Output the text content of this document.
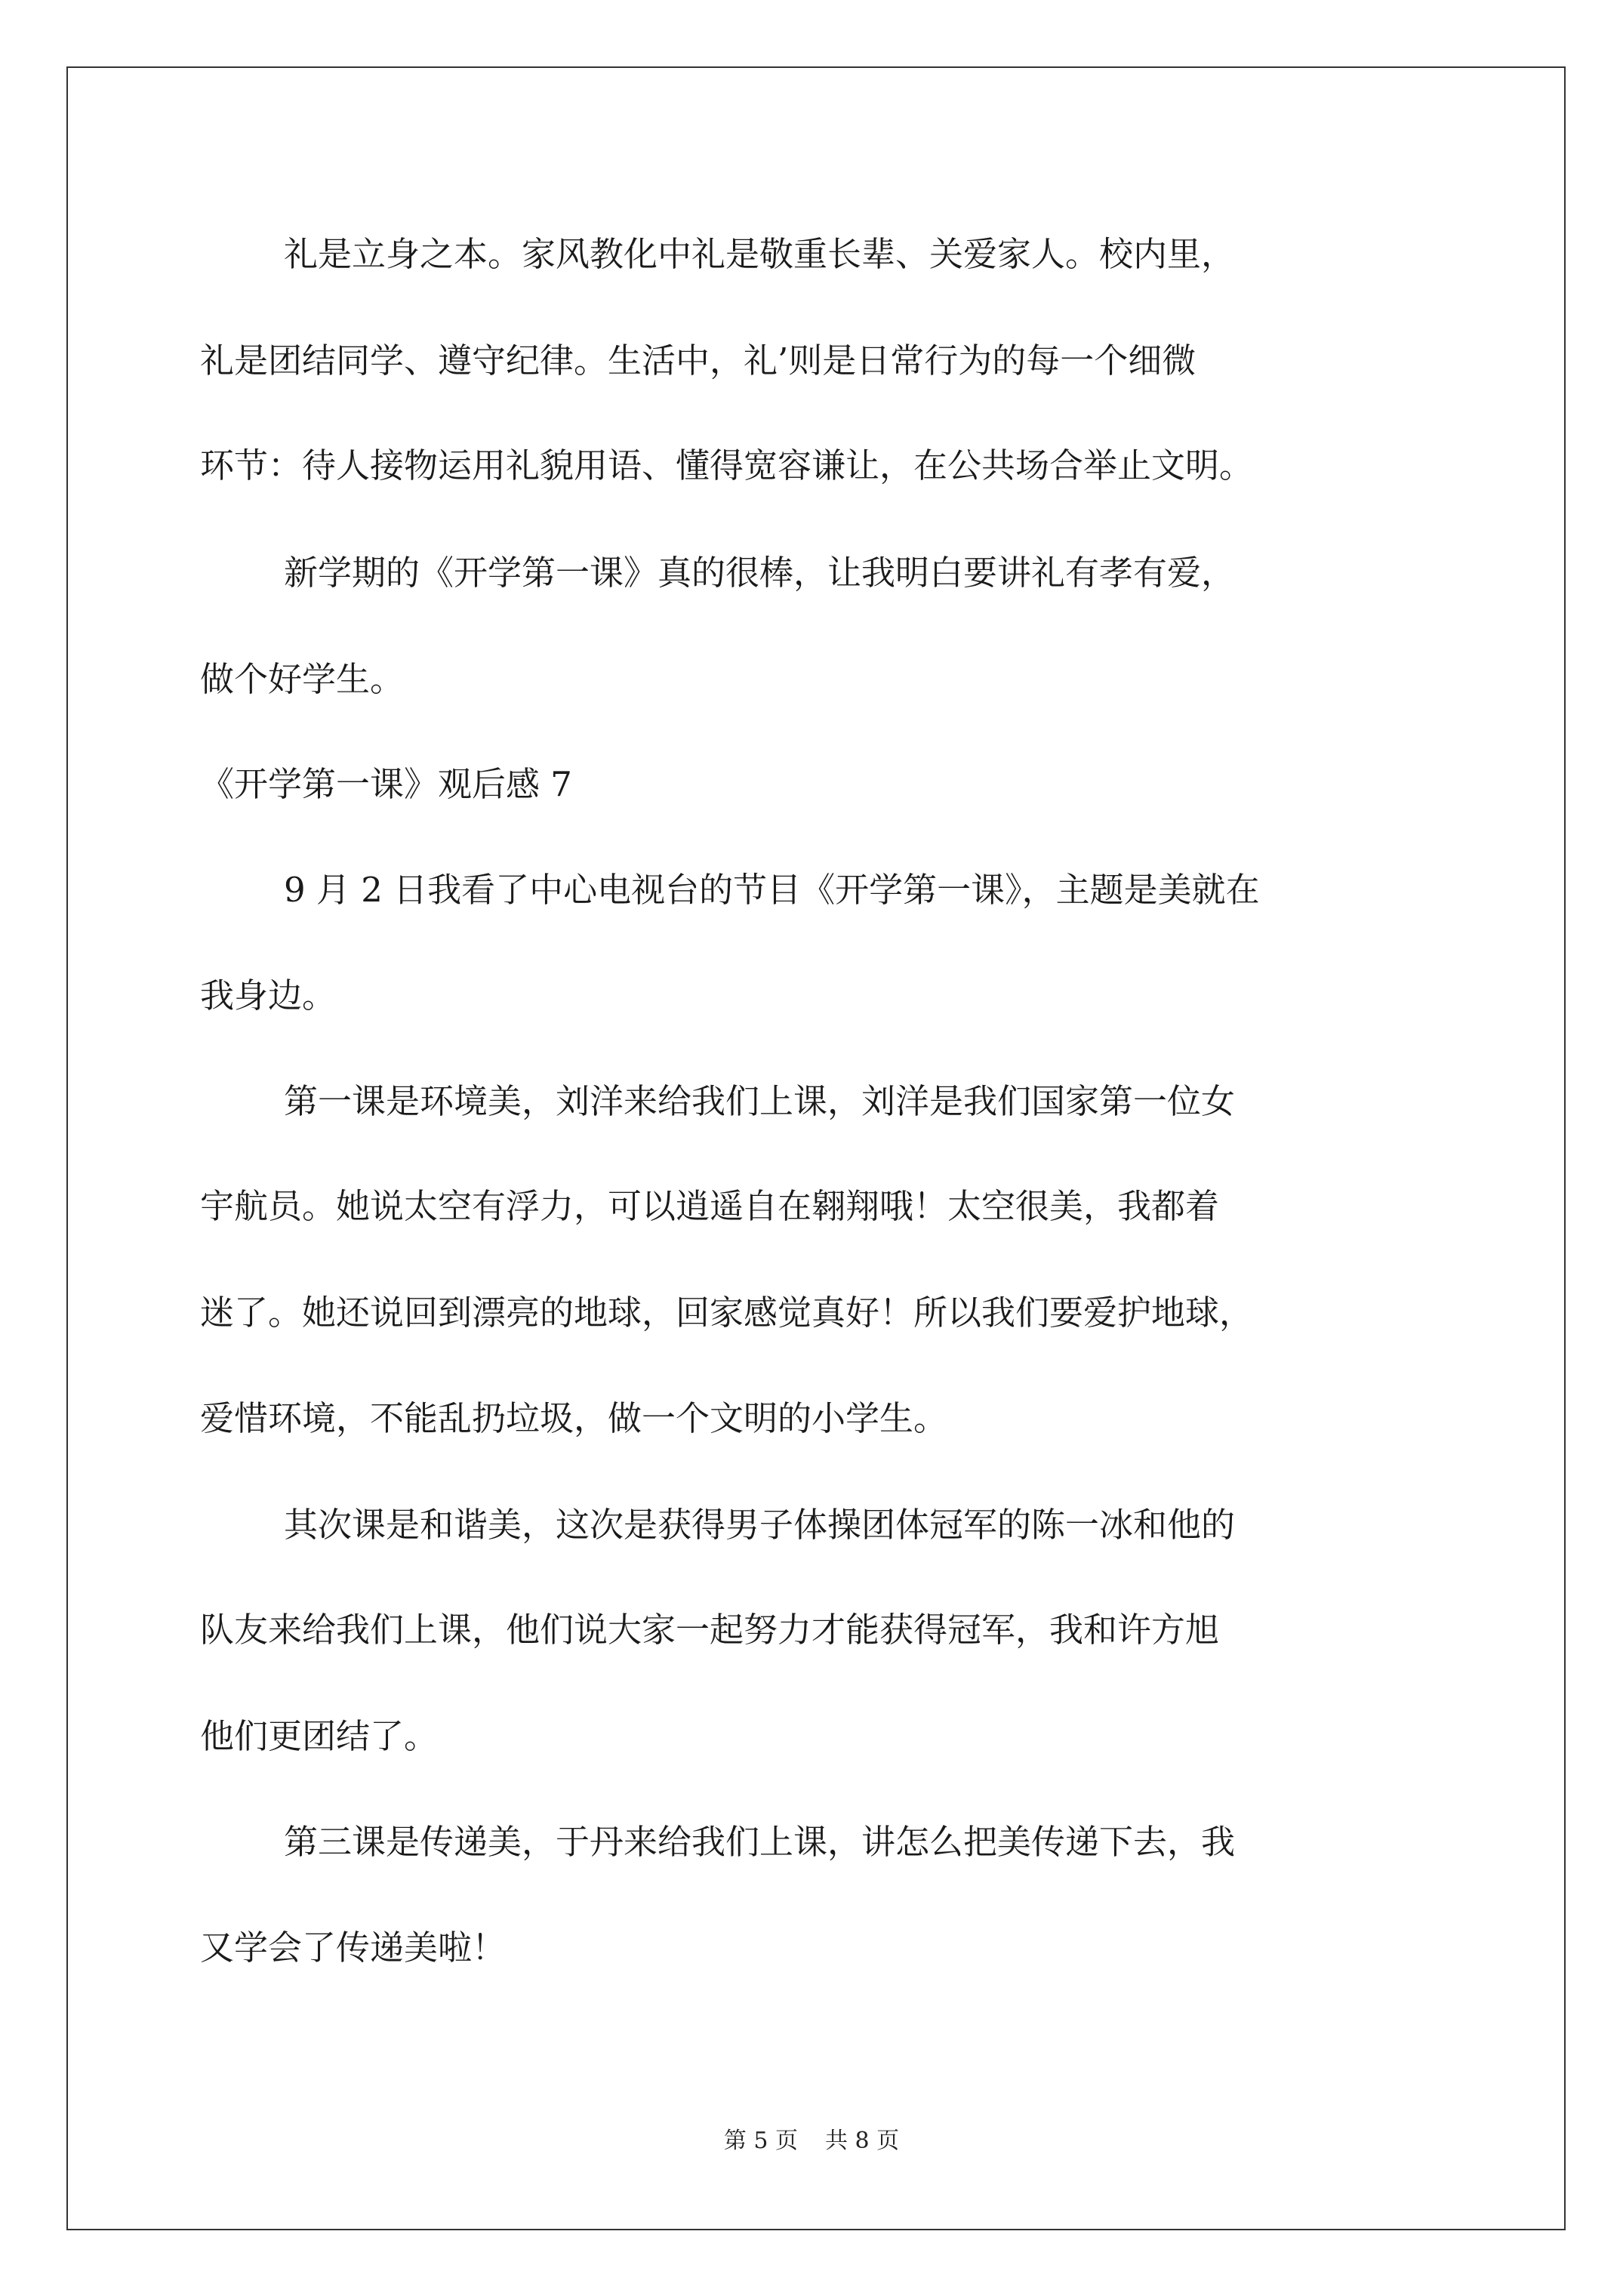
礼是立身之本。家风教化中礼是敬重长辈、关爱家人。校内里，

礼是团结同学、遵守纪律。生活中，礼’则是日常行为的每一个细微

环节：待人接物运用礼貌用语、懂得宽容谦让，在公共场合举止文明。

新学期的《开学第一课》真的很棒，让我明白要讲礼有孝有爱，

做个好学生。

《开学第一课》观后感 7

9 月 2 日我看了中心电视台的节目《开学第一课》，主题是美就在

我身边。

第一课是环境美，刘洋来给我们上课，刘洋是我们国家第一位女

宇航员。她说太空有浮力，可以逍遥自在翱翔哦！太空很美，我都着

迷了。她还说回到漂亮的地球，回家感觉真好！所以我们要爱护地球，

爱惜环境，不能乱扔垃圾，做一个文明的小学生。

其次课是和谐美，这次是获得男子体操团体冠军的陈一冰和他的

队友来给我们上课，他们说大家一起努力才能获得冠军，我和许方旭

他们更团结了。

第三课是传递美，于丹来给我们上课，讲怎么把美传递下去，我

又学会了传递美啦！

第 5 页 共 8 页
